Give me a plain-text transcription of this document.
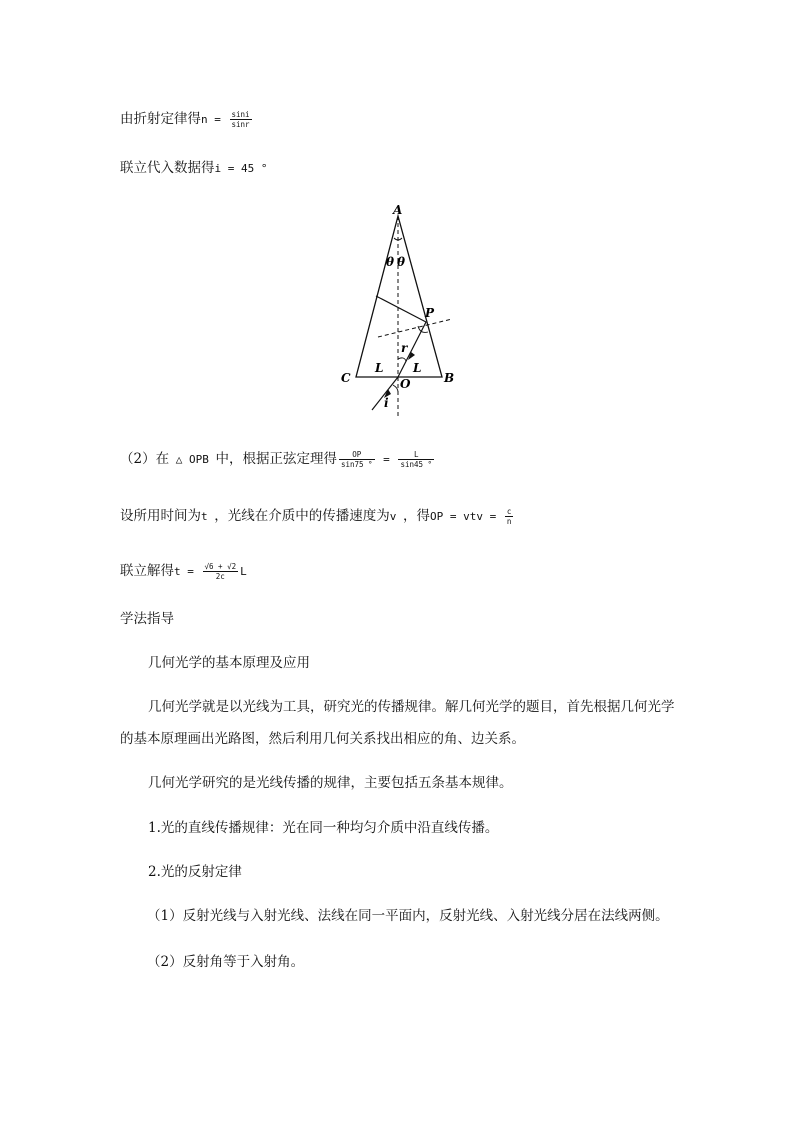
由折射定律得$n = \frac{\sin i}{\sin r}$
联立代入数据得i = 45 °
A
B
C	O
P
L L
θ θ
r
i
（2）在 △ OPB 中，根据正弦定理得 $\frac{OP}{\sin 75 ^\circ} = \frac{L}{\sin 45 ^\circ}$
设所用时间为t ，光线在介质中的传播速度为v ，得OP = vtv = $\frac{c}{n}$
联立解得$t = \frac{√6 + √2}{2c}$ L
学法指导
几何光学的基本原理及应用
几何光学就是以光线为工具，研究光的传播规律。解几何光学的题目，首先根据几何光学的基本原理画出光路图，然后利用几何关系找出相应的角、边关系。
几何光学研究的是光线传播的规律，主要包括五条基本规律。
1.光的直线传播规律：光在同一种均匀介质中沿直线传播。
2.光的反射定律
（1）反射光线与入射光线、法线在同一平面内，反射光线、入射光线分居在法线两侧。
（2）反射角等于入射角。
